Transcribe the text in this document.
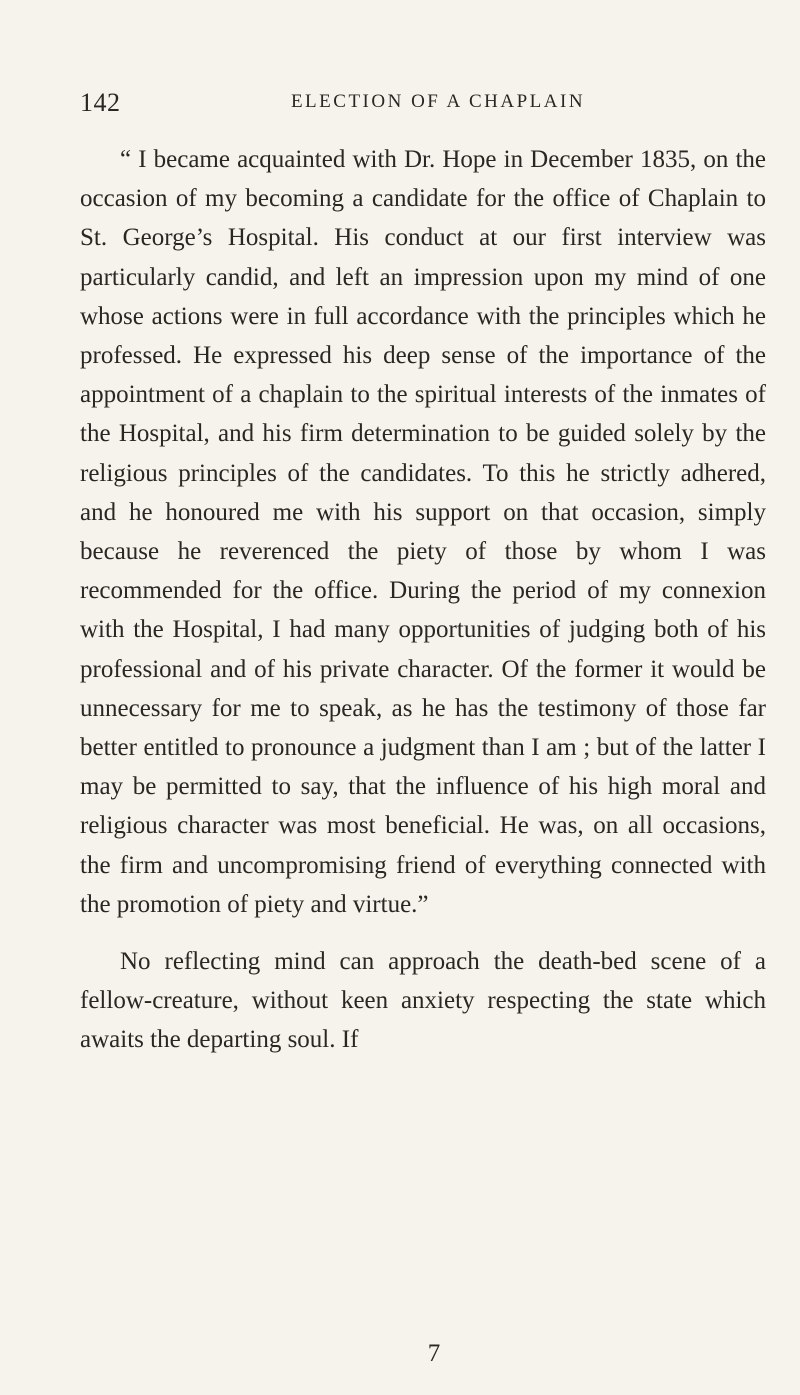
142	ELECTION OF A CHAPLAIN

“ I became acquainted with Dr. Hope in December 1835, on the occasion of my becoming a candidate for the office of Chaplain to St. George’s Hospital. His conduct at our first interview was particularly candid, and left an impression upon my mind of one whose actions were in full accordance with the principles which he professed. He expressed his deep sense of the importance of the appointment of a chaplain to the spiritual interests of the inmates of the Hospital, and his firm determination to be guided solely by the religious principles of the candidates. To this he strictly adhered, and he honoured me with his support on that occasion, simply because he reverenced the piety of those by whom I was recommended for the office. During the period of my connexion with the Hospital, I had many opportunities of judging both of his professional and of his private character. Of the former it would be unnecessary for me to speak, as he has the testimony of those far better entitled to pronounce a judgment than I am ; but of the latter I may be permitted to say, that the influence of his high moral and religious character was most beneficial. He was, on all occasions, the firm and uncompromising friend of everything connected with the promotion of piety and virtue.”

No reflecting mind can approach the death-bed scene of a fellow-creature, without keen anxiety respecting the state which awaits the departing soul. If

7
